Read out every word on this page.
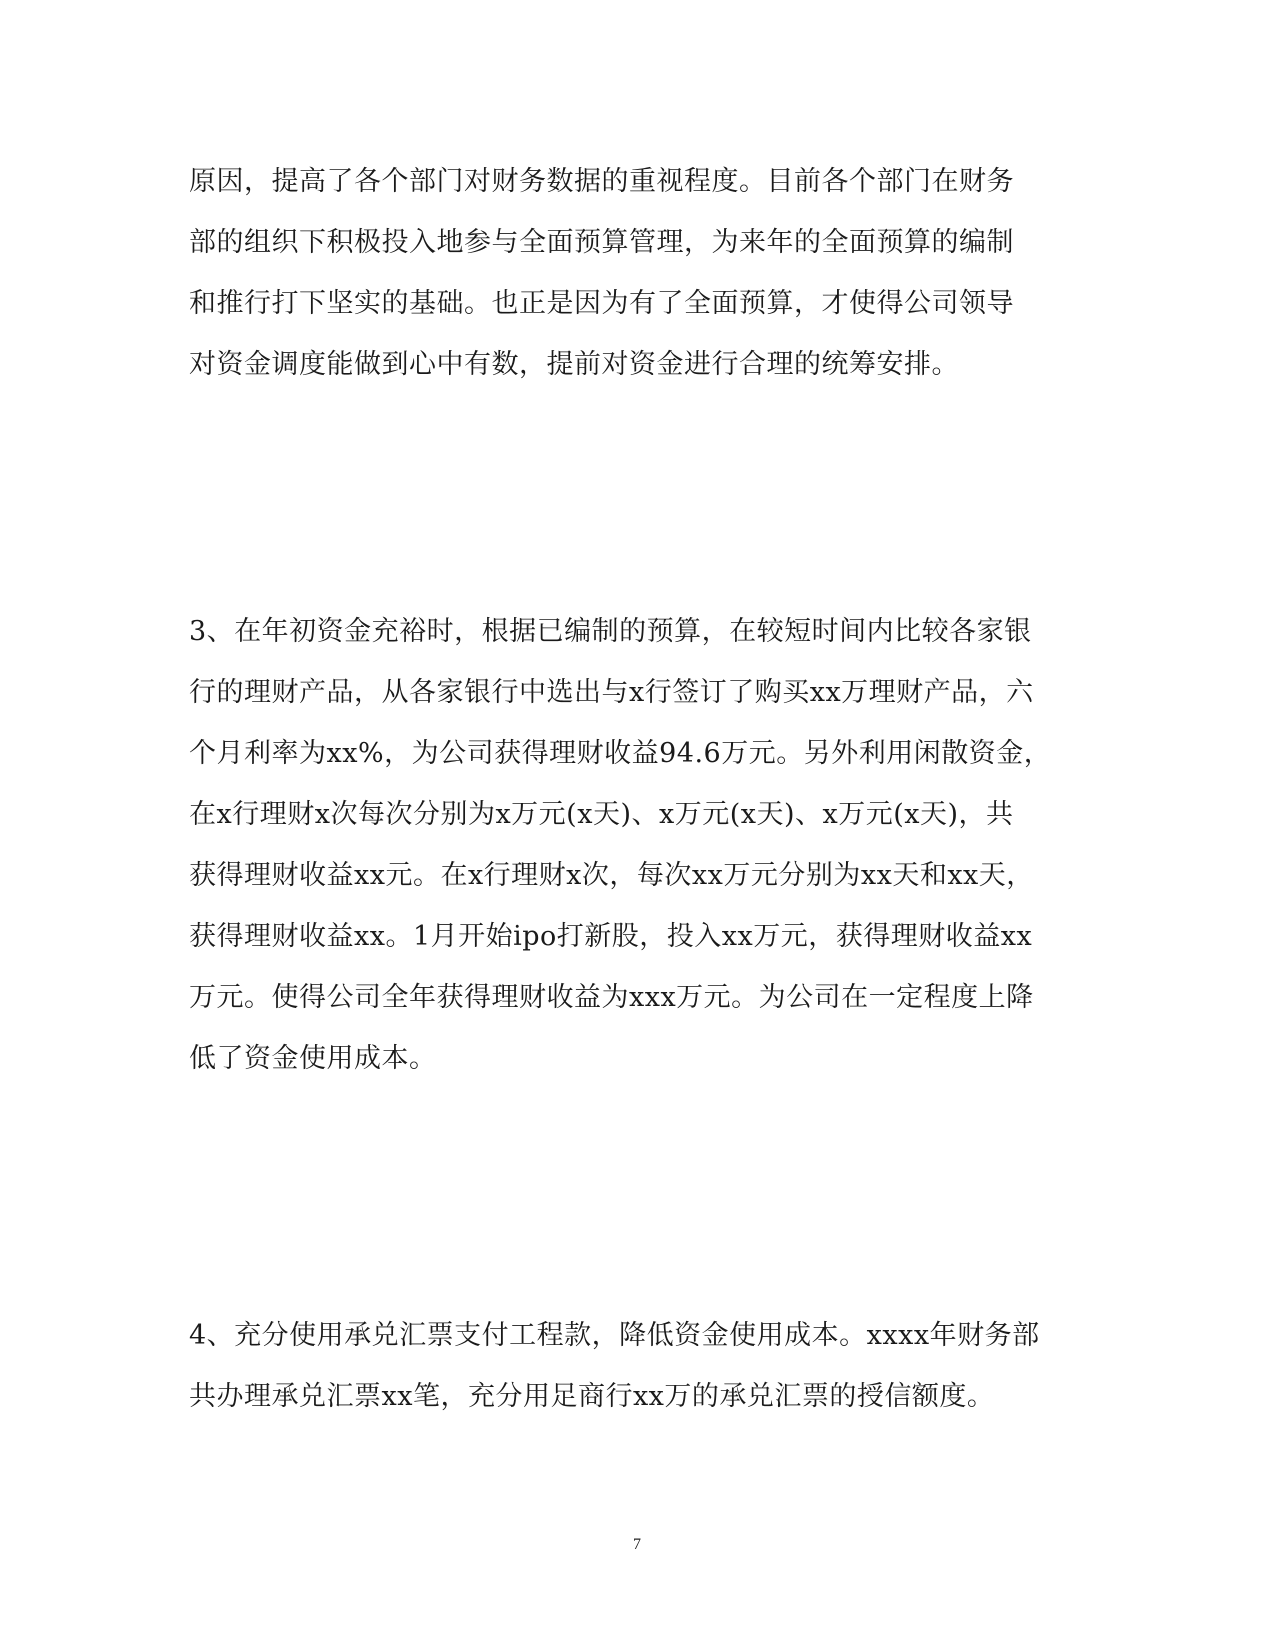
原因，提高了各个部门对财务数据的重视程度。目前各个部门在财务
部的组织下积极投入地参与全面预算管理，为来年的全面预算的编制
和推行打下坚实的基础。也正是因为有了全面预算，才使得公司领导
对资金调度能做到心中有数，提前对资金进行合理的统筹安排。
3、在年初资金充裕时，根据已编制的预算，在较短时间内比较各家银
行的理财产品，从各家银行中选出与x行签订了购买xx万理财产品，六
个月利率为xx%，为公司获得理财收益94.6万元。另外利用闲散资金，
在x行理财x次每次分别为x万元(x天)、x万元(x天)、x万元(x天)，共
获得理财收益xx元。在x行理财x次，每次xx万元分别为xx天和xx天，
获得理财收益xx。1月开始ipo打新股，投入xx万元，获得理财收益xx
万元。使得公司全年获得理财收益为xxx万元。为公司在一定程度上降
低了资金使用成本。
4、充分使用承兑汇票支付工程款，降低资金使用成本。xxxx年财务部
共办理承兑汇票xx笔，充分用足商行xx万的承兑汇票的授信额度。
7
